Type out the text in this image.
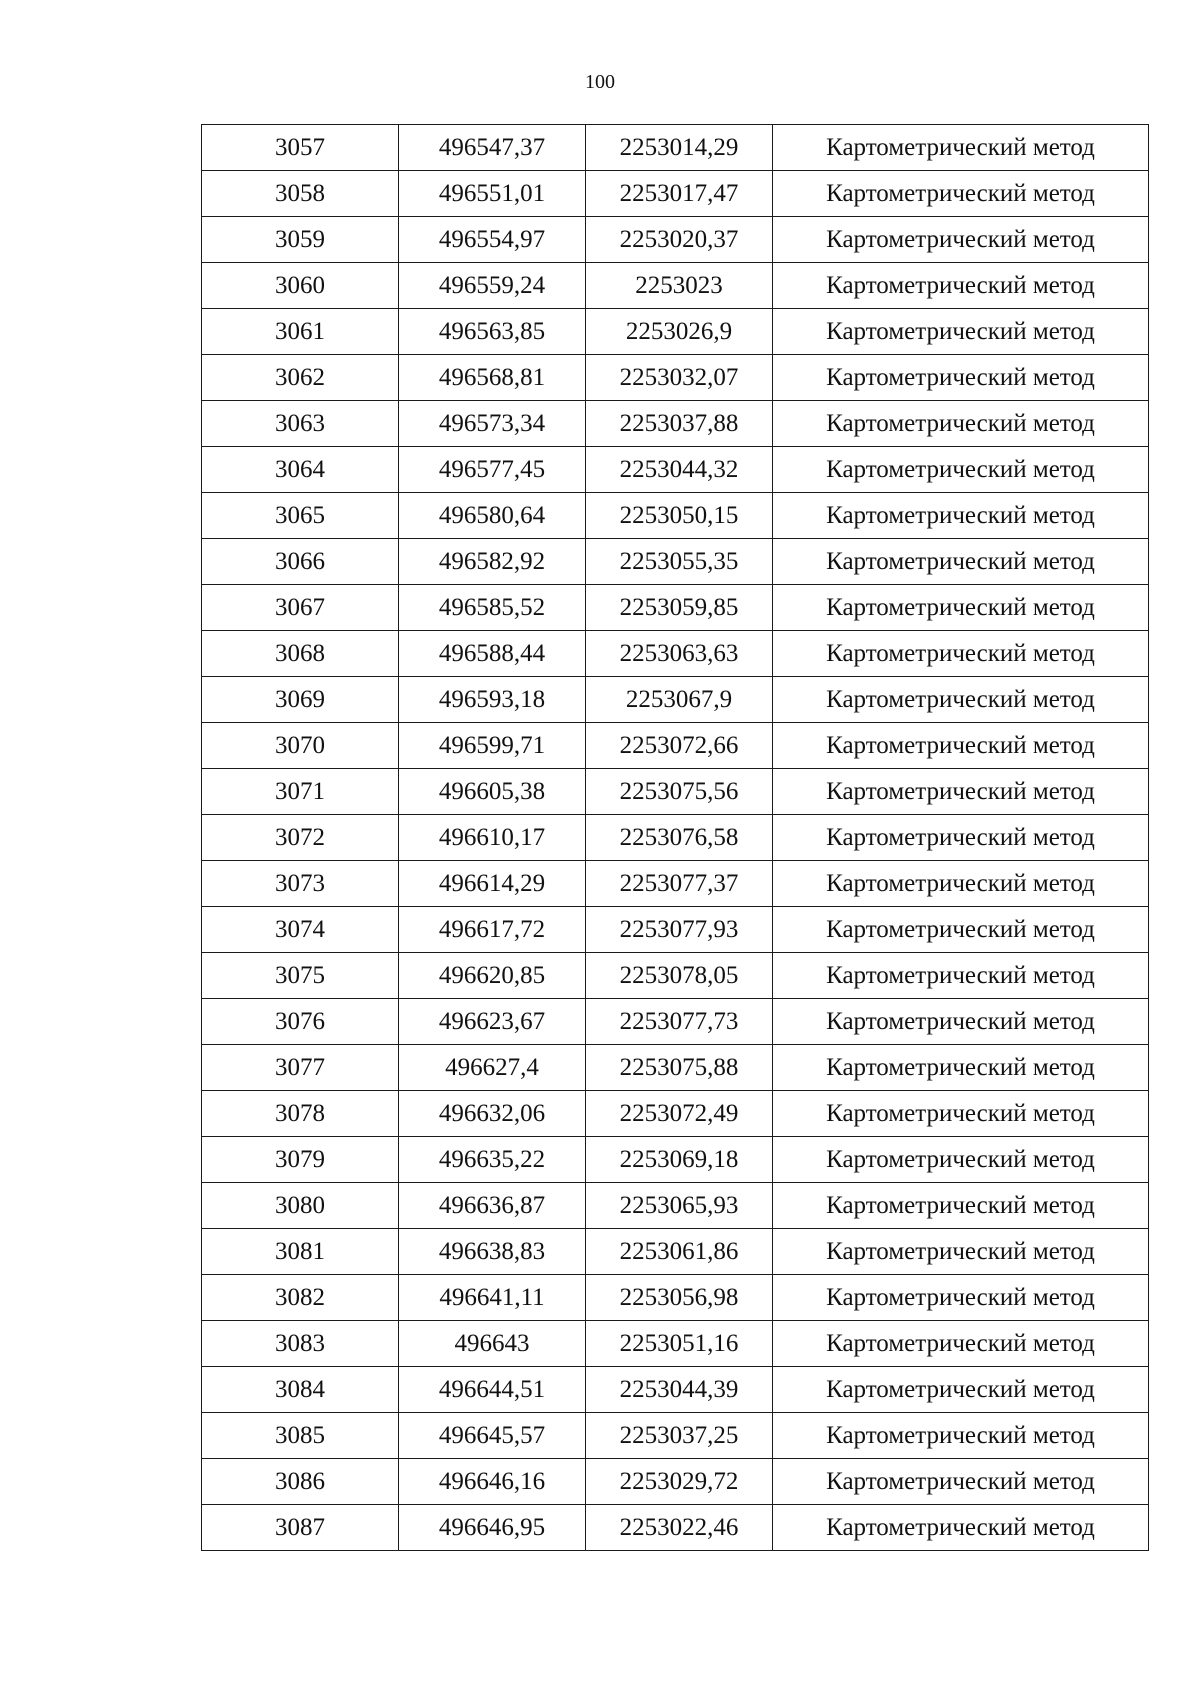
100
3057	496547,37	2253014,29	Картометрический метод
3058	496551,01	2253017,47	Картометрический метод
3059	496554,97	2253020,37	Картометрический метод
3060	496559,24	2253023	Картометрический метод
3061	496563,85	2253026,9	Картометрический метод
3062	496568,81	2253032,07	Картометрический метод
3063	496573,34	2253037,88	Картометрический метод
3064	496577,45	2253044,32	Картометрический метод
3065	496580,64	2253050,15	Картометрический метод
3066	496582,92	2253055,35	Картометрический метод
3067	496585,52	2253059,85	Картометрический метод
3068	496588,44	2253063,63	Картометрический метод
3069	496593,18	2253067,9	Картометрический метод
3070	496599,71	2253072,66	Картометрический метод
3071	496605,38	2253075,56	Картометрический метод
3072	496610,17	2253076,58	Картометрический метод
3073	496614,29	2253077,37	Картометрический метод
3074	496617,72	2253077,93	Картометрический метод
3075	496620,85	2253078,05	Картометрический метод
3076	496623,67	2253077,73	Картометрический метод
3077	496627,4	2253075,88	Картометрический метод
3078	496632,06	2253072,49	Картометрический метод
3079	496635,22	2253069,18	Картометрический метод
3080	496636,87	2253065,93	Картометрический метод
3081	496638,83	2253061,86	Картометрический метод
3082	496641,11	2253056,98	Картометрический метод
3083	496643	2253051,16	Картометрический метод
3084	496644,51	2253044,39	Картометрический метод
3085	496645,57	2253037,25	Картометрический метод
3086	496646,16	2253029,72	Картометрический метод
3087	496646,95	2253022,46	Картометрический метод
